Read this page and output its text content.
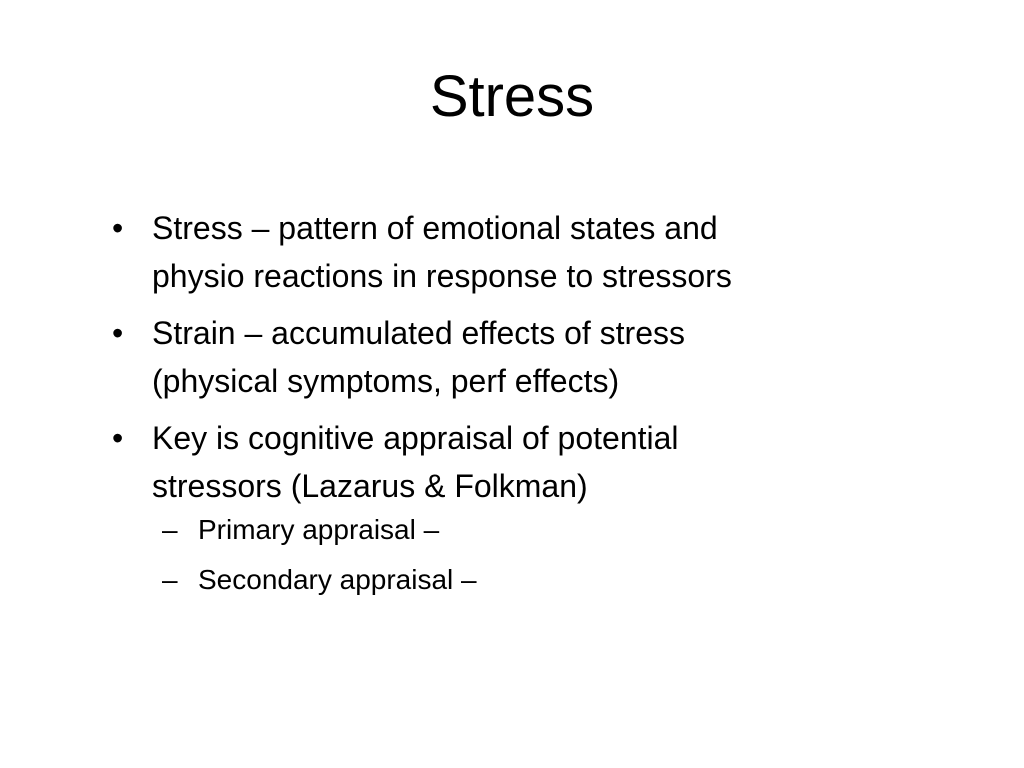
Stress
• Stress – pattern of emotional states and
physio reactions in response to stressors
• Strain – accumulated effects of stress
(physical symptoms, perf effects)
• Key is cognitive appraisal of potential
stressors (Lazarus & Folkman)
– Primary appraisal –
– Secondary appraisal –
